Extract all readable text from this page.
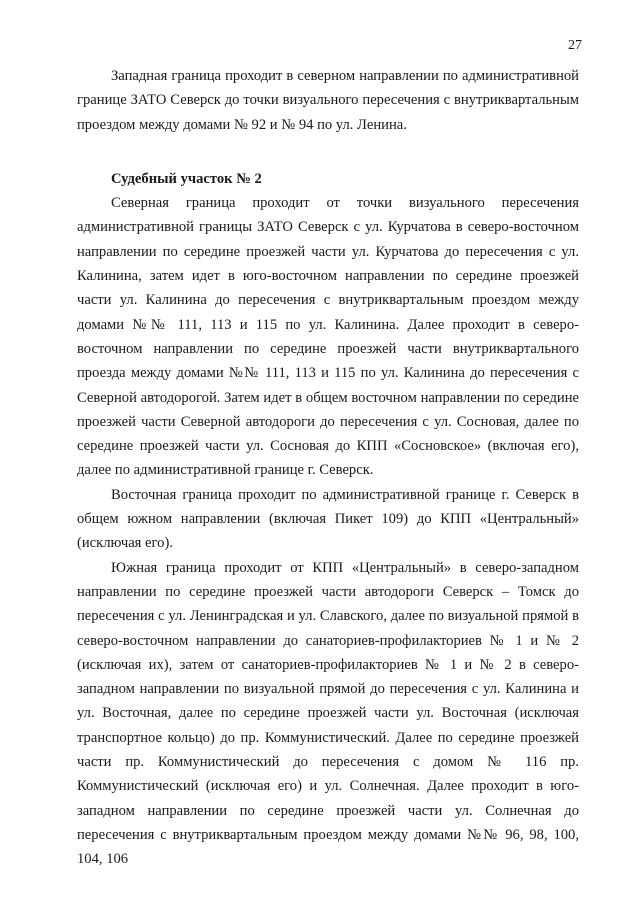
27

Западная граница проходит в северном направлении по административной границе ЗАТО Северск до точки визуального пересечения с внутриквартальным проездом между домами № 92 и № 94 по ул. Ленина.

Судебный участок № 2

Северная граница проходит от точки визуального пересечения административной границы ЗАТО Северск с ул. Курчатова в северо-восточном направлении по середине проезжей части ул. Курчатова до пересечения с ул. Калинина, затем идет в юго-восточном направлении по середине проезжей части ул. Калинина до пересечения с внутриквартальным проездом между домами №№ 111, 113 и 115 по ул. Калинина. Далее проходит в северо-восточном направлении по середине проезжей части внутриквартального проезда между домами №№ 111, 113 и 115 по ул. Калинина до пересечения с Северной автодорогой. Затем идет в общем восточном направлении по середине проезжей части Северной автодороги до пересечения с ул. Сосновая, далее по середине проезжей части ул. Сосновая до КПП «Сосновское» (включая его), далее по административной границе г. Северск.

Восточная граница проходит по административной границе г. Северск в общем южном направлении (включая Пикет 109) до КПП «Центральный» (исключая его).

Южная граница проходит от КПП «Центральный» в северо-западном направлении по середине проезжей части автодороги Северск – Томск до пересечения с ул. Ленинградская и ул. Славского, далее по визуальной прямой в северо-восточном направлении до санаториев-профилакториев № 1 и № 2 (исключая их), затем от санаториев-профилакториев № 1 и № 2 в северо-западном направлении по визуальной прямой до пересечения с ул. Калинина и ул. Восточная, далее по середине проезжей части ул. Восточная (исключая транспортное кольцо) до пр. Коммунистический. Далее по середине проезжей части пр. Коммунистический до пересечения с домом № 116 пр. Коммунистический (исключая его) и ул. Солнечная. Далее проходит в юго-западном направлении по середине проезжей части ул. Солнечная до пересечения с внутриквартальным проездом между домами №№ 96, 98, 100, 104, 106
